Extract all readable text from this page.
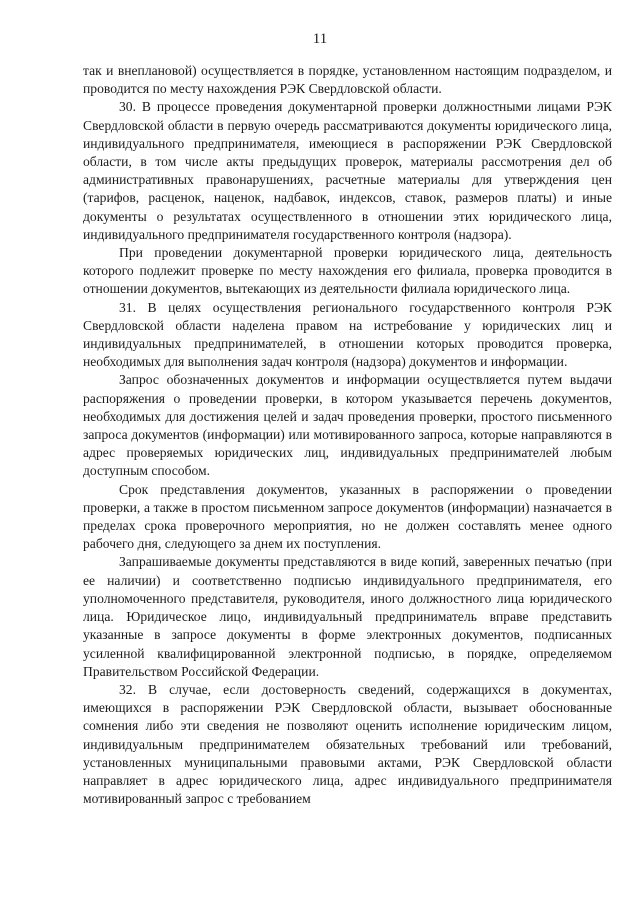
11

так и внеплановой) осуществляется в порядке, установленном настоящим подразделом, и проводится по месту нахождения РЭК Свердловской области.

30. В процессе проведения документарной проверки должностными лицами РЭК Свердловской области в первую очередь рассматриваются документы юридического лица, индивидуального предпринимателя, имеющиеся в распоряжении РЭК Свердловской области, в том числе акты предыдущих проверок, материалы рассмотрения дел об административных правонарушениях, расчетные материалы для утверждения цен (тарифов, расценок, наценок, надбавок, индексов, ставок, размеров платы) и иные документы о результатах осуществленного в отношении этих юридического лица, индивидуального предпринимателя государственного контроля (надзора).

При проведении документарной проверки юридического лица, деятельность которого подлежит проверке по месту нахождения его филиала, проверка проводится в отношении документов, вытекающих из деятельности филиала юридического лица.

31. В целях осуществления регионального государственного контроля РЭК Свердловской области наделена правом на истребование у юридических лиц и индивидуальных предпринимателей, в отношении которых проводится проверка, необходимых для выполнения задач контроля (надзора) документов и информации.

Запрос обозначенных документов и информации осуществляется путем выдачи распоряжения о проведении проверки, в котором указывается перечень документов, необходимых для достижения целей и задач проведения проверки, простого письменного запроса документов (информации) или мотивированного запроса, которые направляются в адрес проверяемых юридических лиц, индивидуальных предпринимателей любым доступным способом.

Срок представления документов, указанных в распоряжении о проведении проверки, а также в простом письменном запросе документов (информации) назначается в пределах срока проверочного мероприятия, но не должен составлять менее одного рабочего дня, следующего за днем их поступления.

Запрашиваемые документы представляются в виде копий, заверенных печатью (при ее наличии) и соответственно подписью индивидуального предпринимателя, его уполномоченного представителя, руководителя, иного должностного лица юридического лица. Юридическое лицо, индивидуальный предприниматель вправе представить указанные в запросе документы в форме электронных документов, подписанных усиленной квалифицированной электронной подписью, в порядке, определяемом Правительством Российской Федерации.

32. В случае, если достоверность сведений, содержащихся в документах, имеющихся в распоряжении РЭК Свердловской области, вызывает обоснованные сомнения либо эти сведения не позволяют оценить исполнение юридическим лицом, индивидуальным предпринимателем обязательных требований или требований, установленных муниципальными правовыми актами, РЭК Свердловской области направляет в адрес юридического лица, адрес индивидуального предпринимателя мотивированный запрос с требованием
